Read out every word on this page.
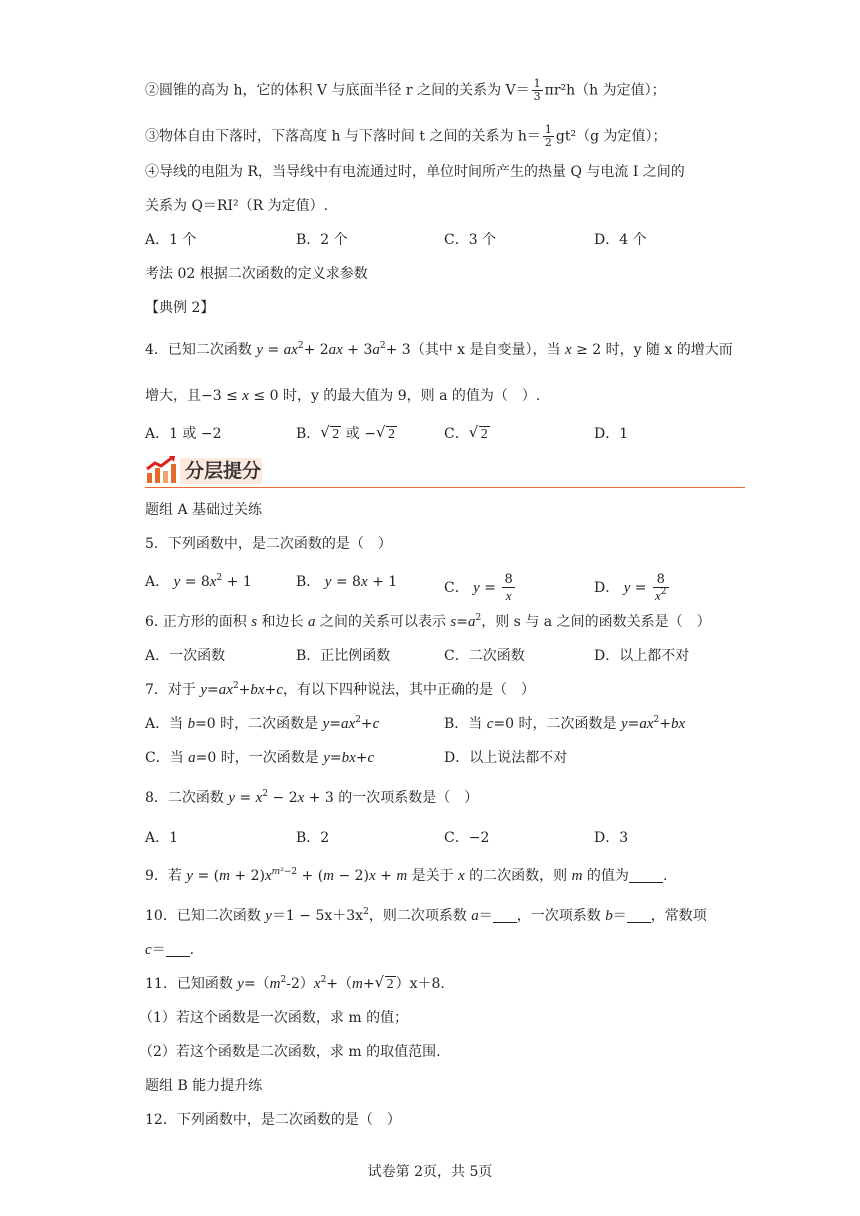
②圆锥的高为 h，它的体积 V 与底面半径 r 之间的关系为 $V= \frac{1}{3} \pi r^2h(h$ 为定值）；
③物体自由下落时，下落高度 h 与下落时间 t 之间的关系为 $h= \frac{1}{2} gt^2(g$ 为定值）；
④导线的电阻为 R，当导线中有电流通过时，单位时间所产生的热量 Q 与电流 I 之间的
关系为 Q＝RI²（R 为定值）.
A．1 个	B．2 个	C．3 个	D．4 个
考法 02 根据二次函数的定义求参数
【典例 2】
4．已知二次函数 $y = ax^2+ 2ax + 3a^2+ 3$（其中 x 是自变量），当 x ≥ 2 时，y 随 x 的增大而
增大，且−3 ≤ x ≤ 0 时，y 的最大值为 9，则 a 的值为（　）.
A．1 或 −2	B．√ 2 或 −√ 2	C．√ 2	D．1
分层提分
题组 A 基础过关练
5．下列函数中，是二次函数的是（　）
A． $y = 8x^2 + 1$	B． y = 8x + 1	C． $y = \frac{8}{x}$	D． $y = \frac{8}{x^2}$
6. 正方形的面积 s 和边长 a 之间的关系可以表示 $s=a^2$，则 s 与 a 之间的函数关系是（　）
A．一次函数	B．正比例函数	C．二次函数	D．以上都不对
7．对于 $y=ax^2+bx+c$，有以下四种说法，其中正确的是（　）
A．当 b=0 时，二次函数是 $y=ax^2+c$	B．当 c=0 时，二次函数是 $y=ax^2+bx$
C．当 a=0 时，一次函数是 y=bx+c	D．以上说法都不对
8．二次函数 $y = x^2 - 2x + 3$ 的一次项系数是（　）
A．1	B．2	C．−2	D．3
9．若 $y = (m + 2)x^{m^2-2} + (m - 2)x + m$ 是关于 x 的二次函数，则 m 的值为 .
10．已知二次函数 $y=1 - 5x+3x^2$，则二次项系数 a＝ ，一次项系数 b＝ ，常数项
c＝ .
11．已知函数 $y=(m^2-2)x^2+(m+√$ 2 ）x＋8.
（1）若这个函数是一次函数，求 m 的值；
（2）若这个函数是二次函数，求 m 的取值范围.
题组 B 能力提升练
12．下列函数中，是二次函数的是（　）
试卷第 2页，共 5页
